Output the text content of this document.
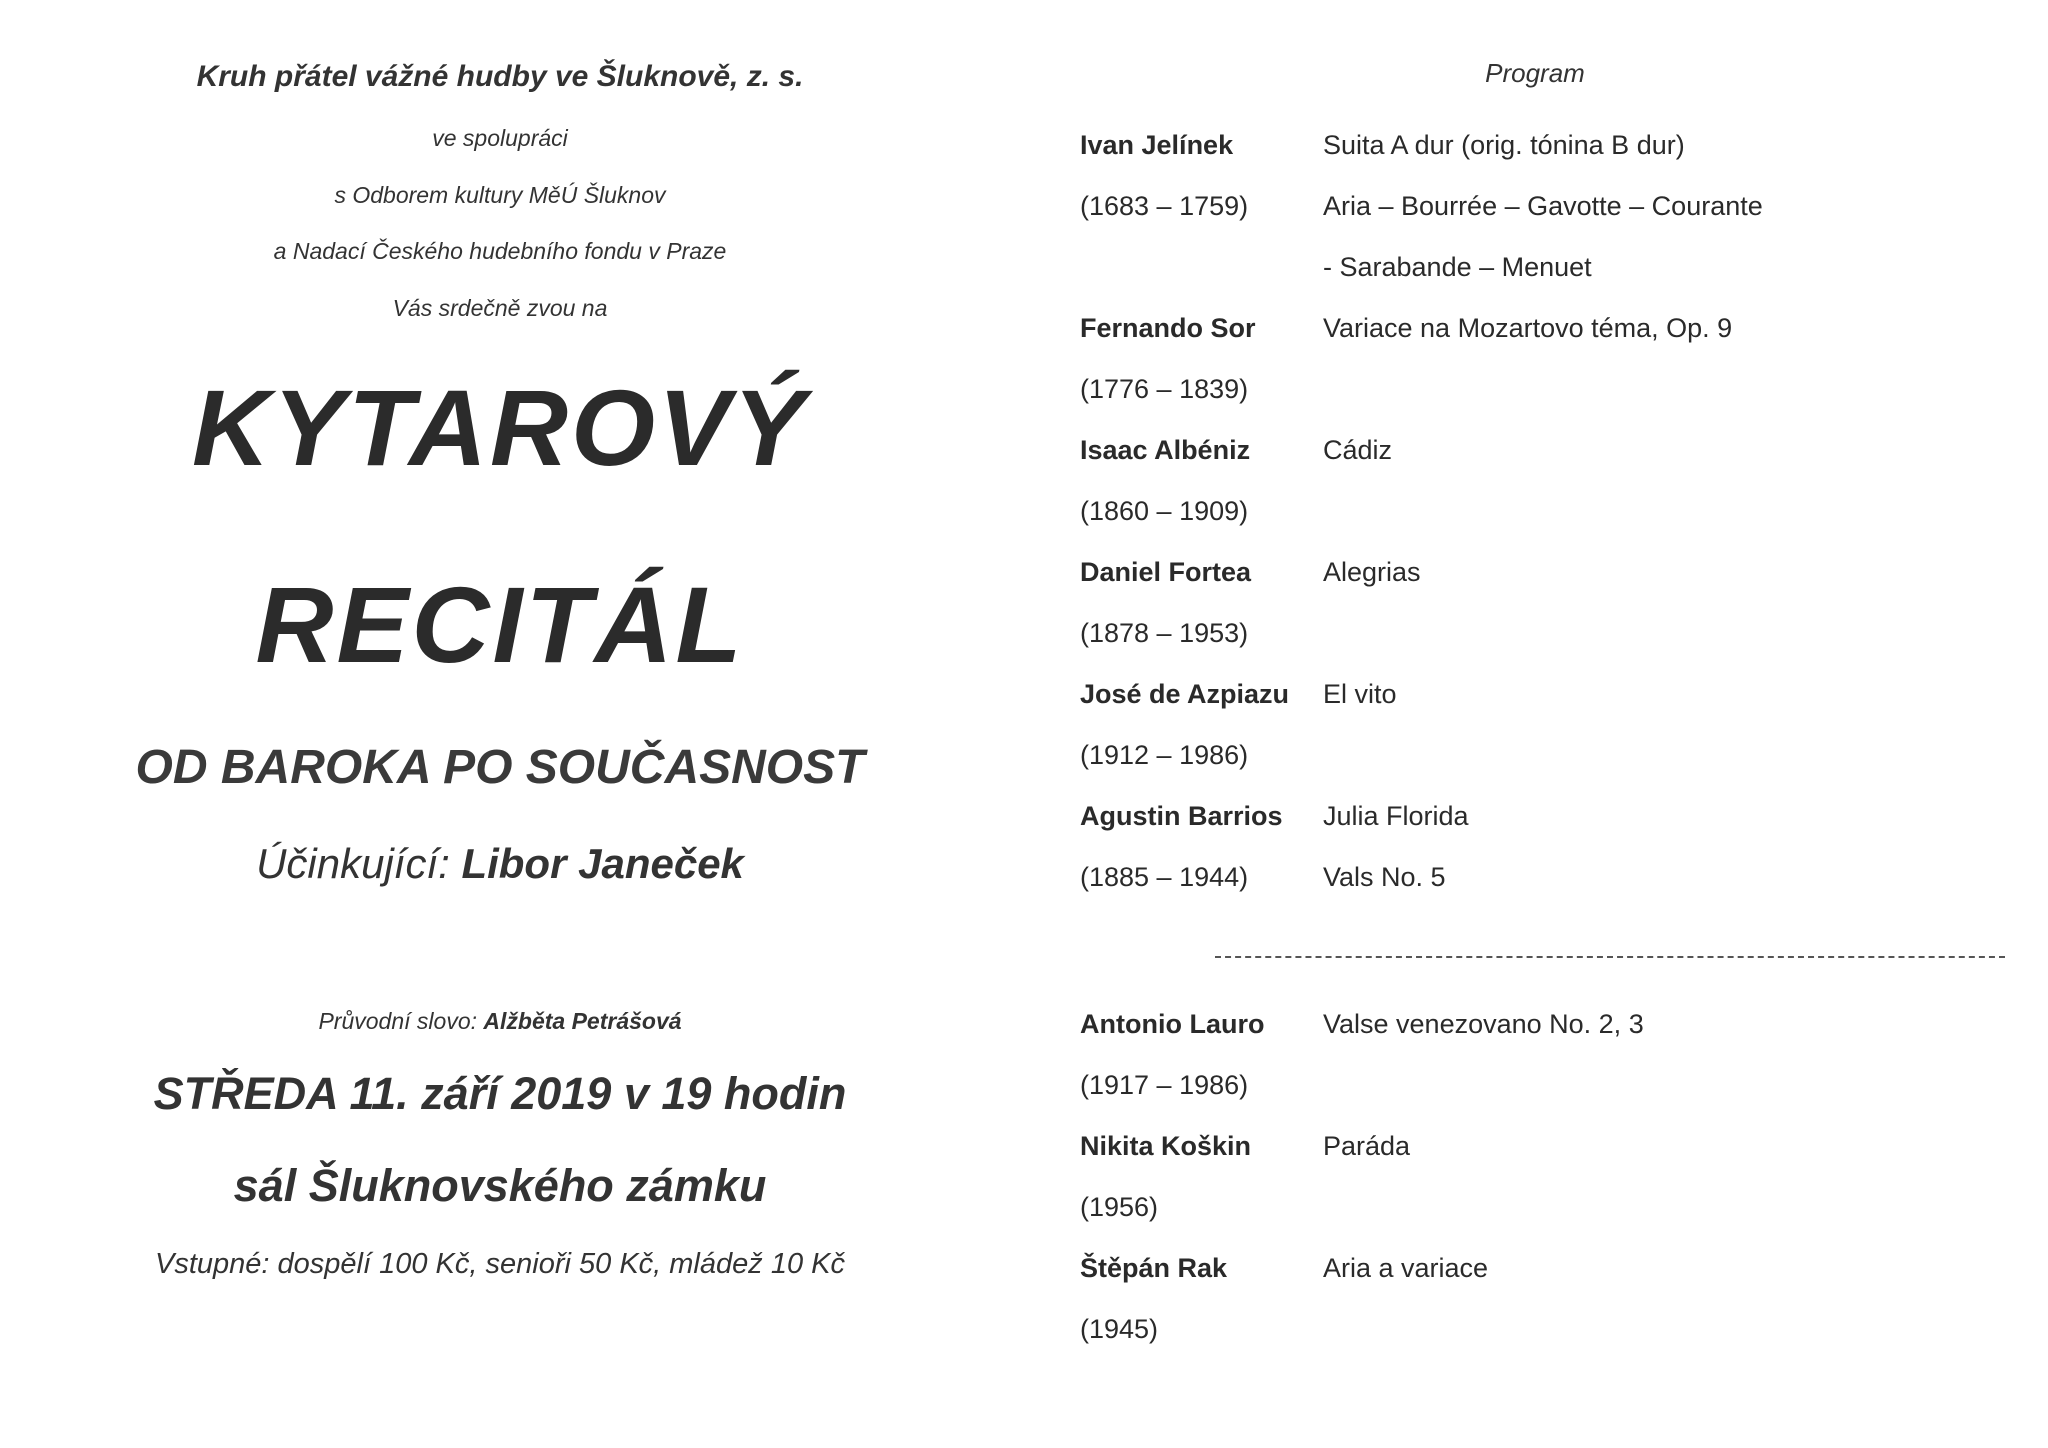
Kruh přátel vážné hudby ve Šluknově, z. s.
ve spolupráci
s Odborem kultury MěÚ Šluknov
a Nadací Českého hudebního fondu v Praze
Vás srdečně zvou na
KYTAROVÝ
RECITÁL
OD BAROKA PO SOUČASNOST
Účinkující: Libor Janeček
Průvodní slovo: Alžběta Petrášová
STŘEDA 11. září 2019 v 19 hodin
sál Šluknovského zámku
Vstupné: dospělí 100 Kč, senioři 50 Kč, mládež 10 Kč
Program
Ivan Jelínek	Suita A dur (orig. tónina B dur)
(1683 – 1759)	Aria – Bourrée – Gavotte – Courante
- Sarabande – Menuet
Fernando Sor	Variace na Mozartovo téma, Op. 9
(1776 – 1839)
Isaac Albéniz	Cádiz
(1860 – 1909)
Daniel Fortea	Alegrias
(1878 – 1953)
José de Azpiazu	El vito
(1912 – 1986)
Agustin Barrios	Julia Florida
(1885 – 1944)	Vals No. 5
Antonio Lauro	Valse venezovano No. 2, 3
(1917 – 1986)
Nikita Koškin	Paráda
(1956)
Štěpán Rak	Aria a variace
(1945)
